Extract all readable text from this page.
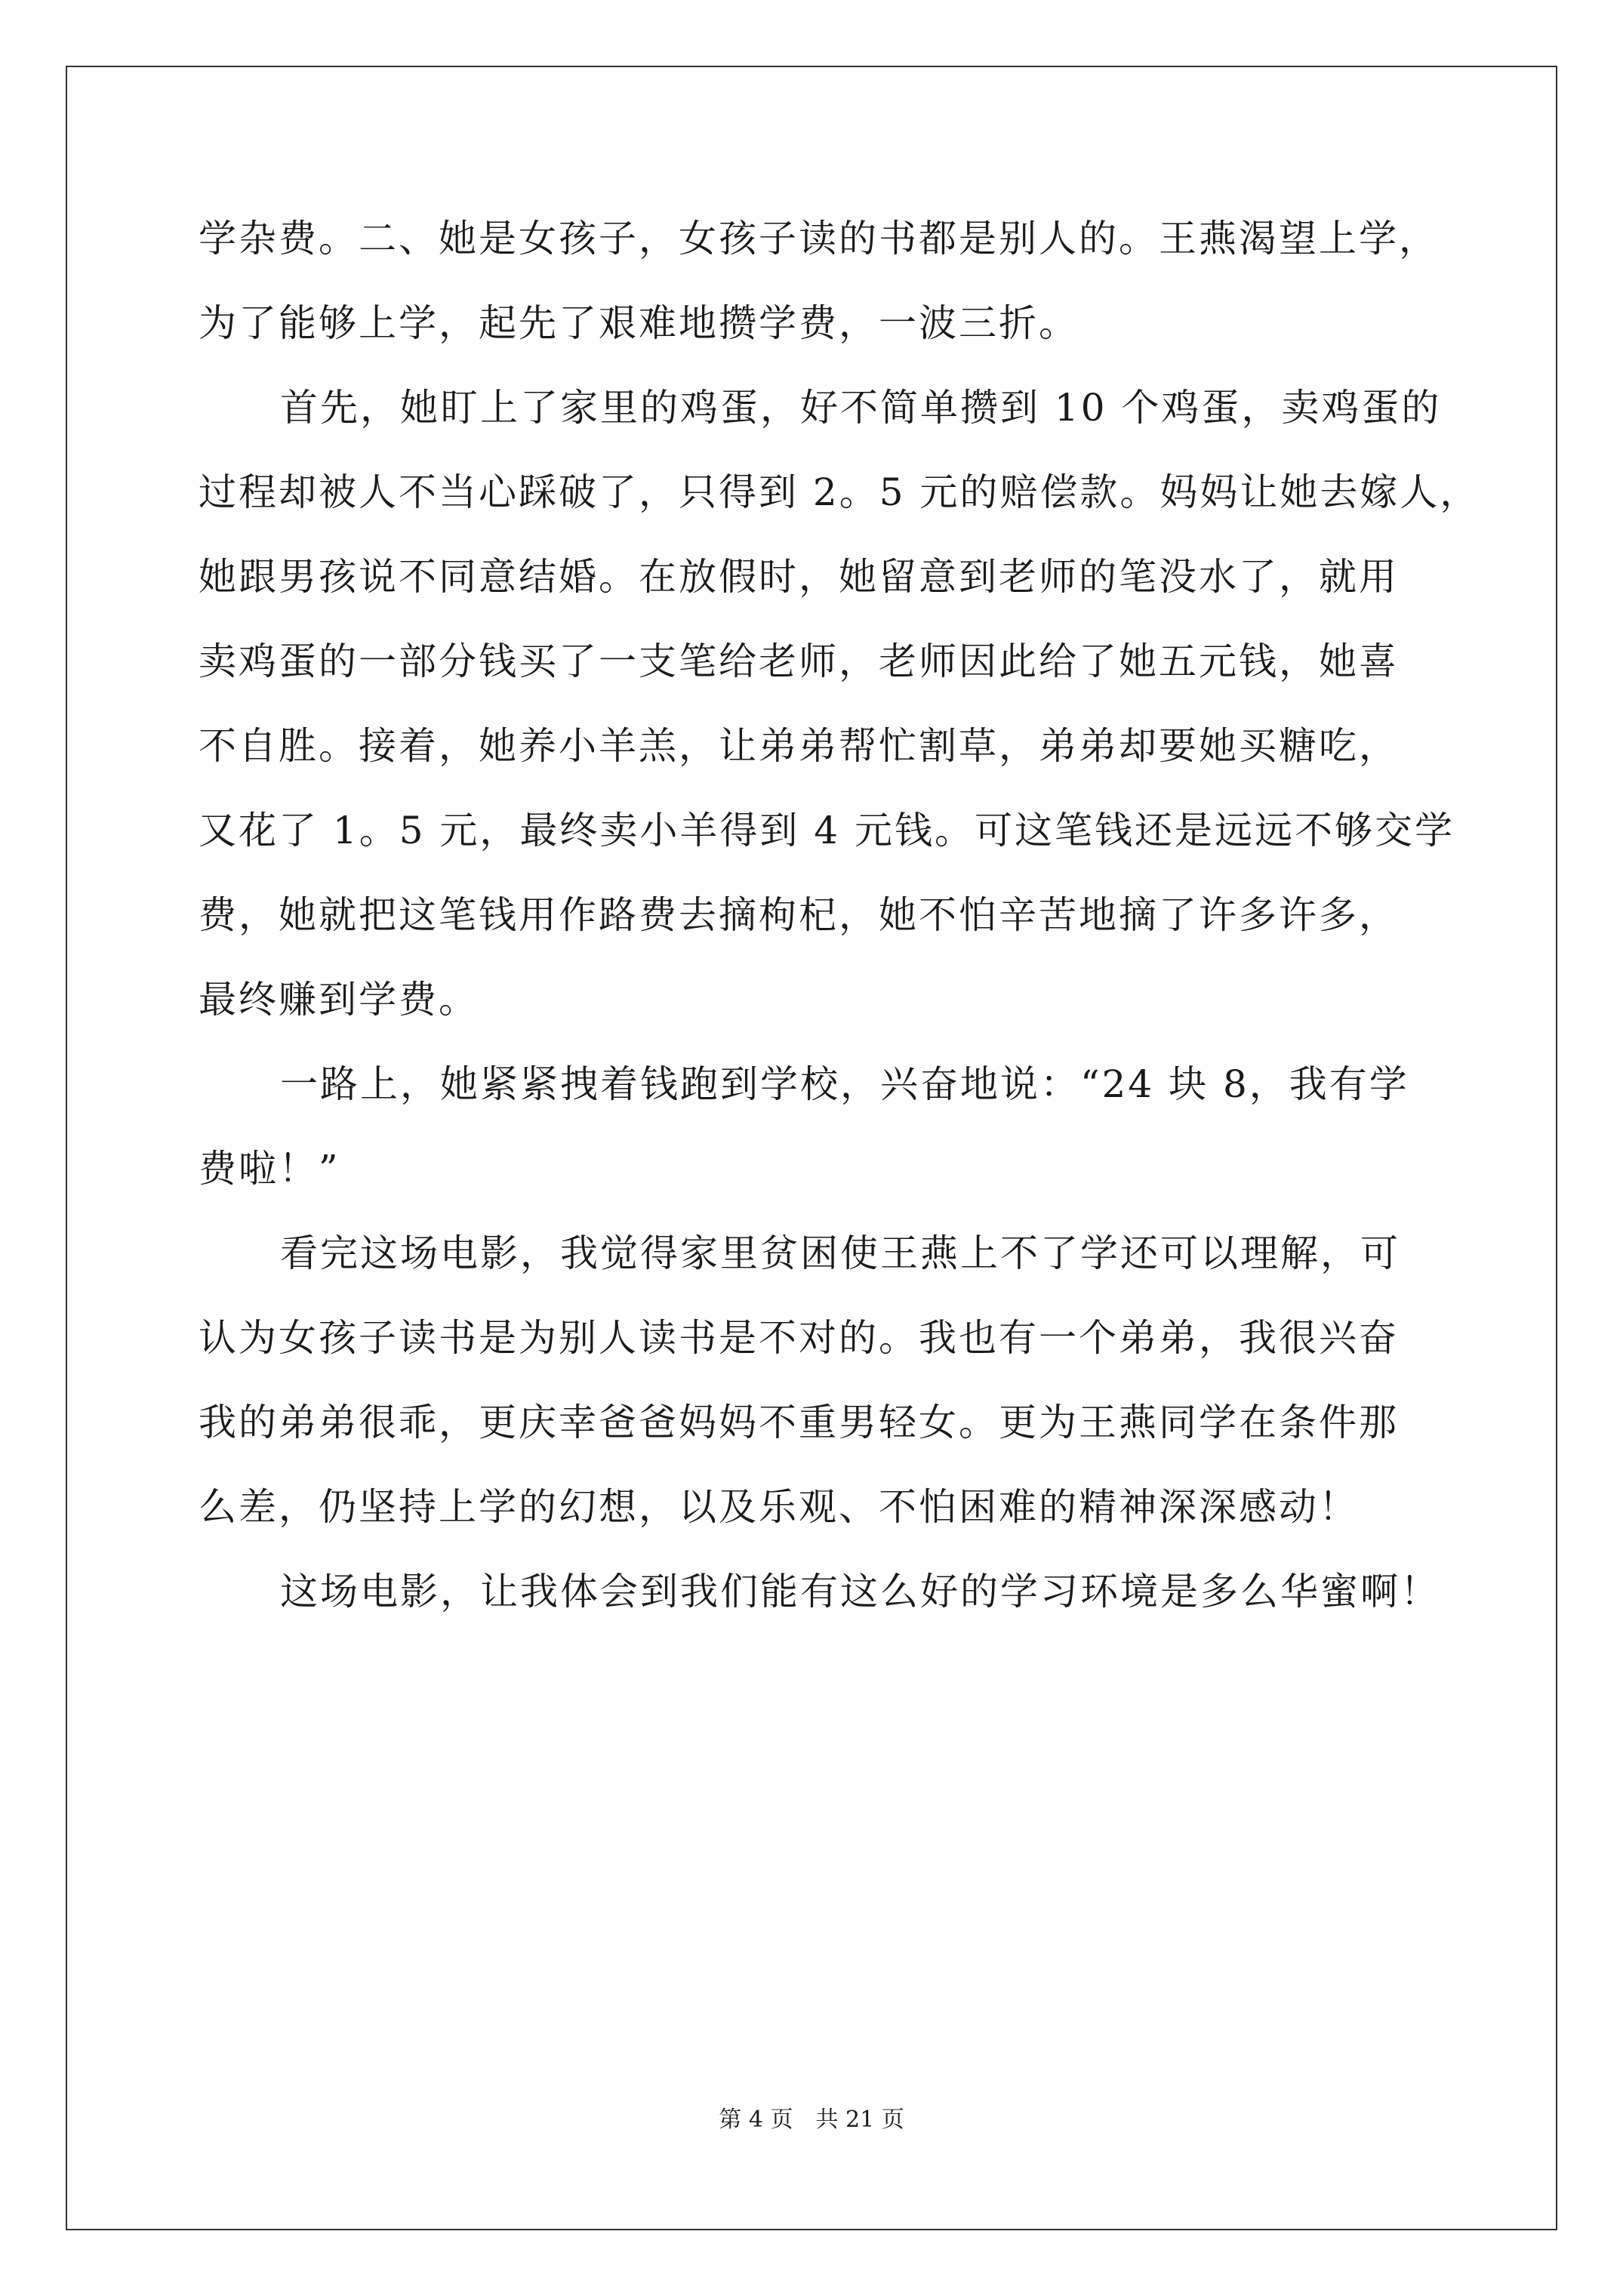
学杂费。二、她是女孩子，女孩子读的书都是别人的。王燕渴望上学，
为了能够上学，起先了艰难地攒学费，一波三折。
首先，她盯上了家里的鸡蛋，好不简单攒到 10 个鸡蛋，卖鸡蛋的
过程却被人不当心踩破了，只得到 2。5 元的赔偿款。妈妈让她去嫁人，
她跟男孩说不同意结婚。在放假时，她留意到老师的笔没水了，就用
卖鸡蛋的一部分钱买了一支笔给老师，老师因此给了她五元钱，她喜
不自胜。接着，她养小羊羔，让弟弟帮忙割草，弟弟却要她买糖吃，
又花了 1。5 元，最终卖小羊得到 4 元钱。可这笔钱还是远远不够交学
费，她就把这笔钱用作路费去摘枸杞，她不怕辛苦地摘了许多许多，
最终赚到学费。
一路上，她紧紧拽着钱跑到学校，兴奋地说：“24 块 8，我有学
费啦！”
看完这场电影，我觉得家里贫困使王燕上不了学还可以理解，可
认为女孩子读书是为别人读书是不对的。我也有一个弟弟，我很兴奋
我的弟弟很乖，更庆幸爸爸妈妈不重男轻女。更为王燕同学在条件那
么差，仍坚持上学的幻想，以及乐观、不怕困难的精神深深感动！
这场电影，让我体会到我们能有这么好的学习环境是多么华蜜啊！
第 4 页　共 21 页
